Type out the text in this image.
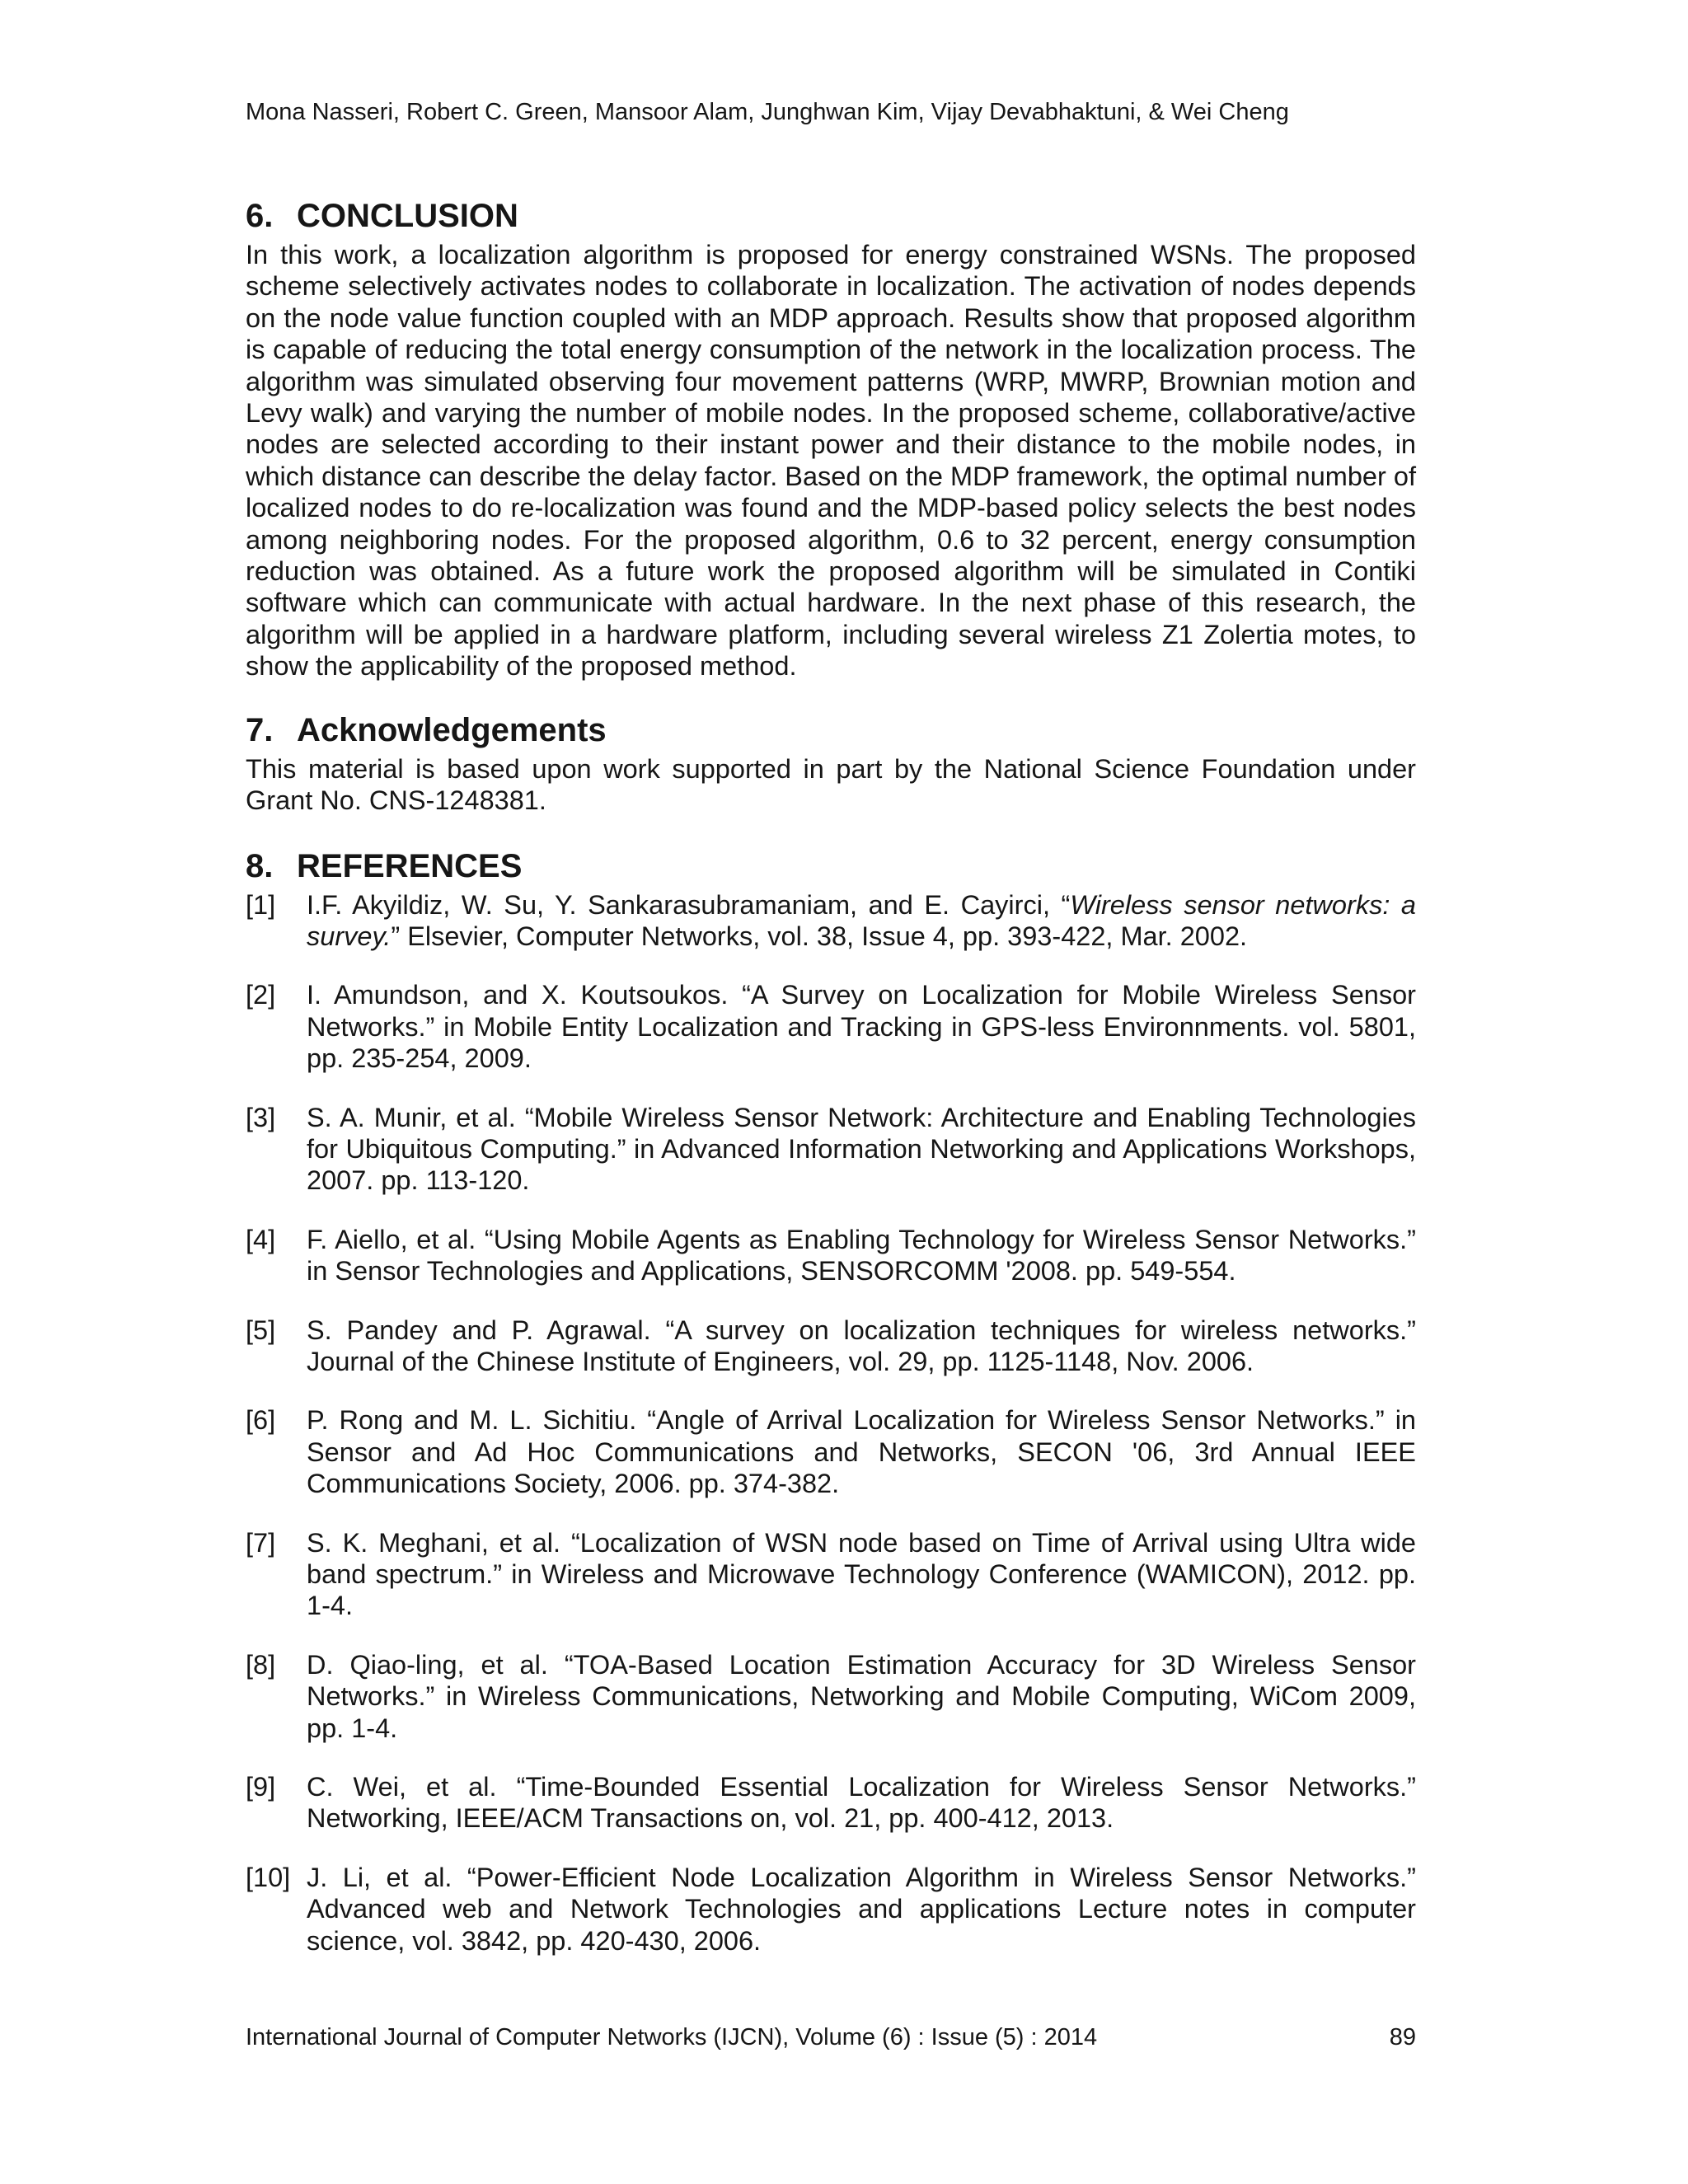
Mona Nasseri, Robert C. Green, Mansoor Alam, Junghwan Kim, Vijay Devabhaktuni, & Wei Cheng
6. CONCLUSION

In this work, a localization algorithm is proposed for energy constrained WSNs. The proposed scheme selectively activates nodes to collaborate in localization. The activation of nodes depends on the node value function coupled with an MDP approach. Results show that proposed algorithm is capable of reducing the total energy consumption of the network in the localization process. The algorithm was simulated observing four movement patterns (WRP, MWRP, Brownian motion and Levy walk) and varying the number of mobile nodes. In the proposed scheme, collaborative/active nodes are selected according to their instant power and their distance to the mobile nodes, in which distance can describe the delay factor. Based on the MDP framework, the optimal number of localized nodes to do re-localization was found and the MDP-based policy selects the best nodes among neighboring nodes. For the proposed algorithm, 0.6 to 32 percent, energy consumption reduction was obtained. As a future work the proposed algorithm will be simulated in Contiki software which can communicate with actual hardware. In the next phase of this research, the algorithm will be applied in a hardware platform, including several wireless Z1 Zolertia motes, to show the applicability of the proposed method.

7. Acknowledgements

This material is based upon work supported in part by the National Science Foundation under Grant No. CNS-1248381.

8. REFERENCES
[1]	I.F. Akyildiz, W. Su, Y. Sankarasubramaniam, and E. Cayirci, “Wireless sensor networks: a survey.” Elsevier, Computer Networks, vol. 38, Issue 4, pp. 393-422, Mar. 2002.
[2]	I. Amundson, and X. Koutsoukos. “A Survey on Localization for Mobile Wireless Sensor Networks.” in Mobile Entity Localization and Tracking in GPS-less Environnments. vol. 5801, pp. 235-254, 2009.
[3]	S. A. Munir, et al. “Mobile Wireless Sensor Network: Architecture and Enabling Technologies for Ubiquitous Computing.” in Advanced Information Networking and Applications Workshops, 2007. pp. 113-120.
[4]	F. Aiello, et al. “Using Mobile Agents as Enabling Technology for Wireless Sensor Networks.” in Sensor Technologies and Applications, SENSORCOMM '2008. pp. 549-554.
[5]	S. Pandey and P. Agrawal. “A survey on localization techniques for wireless networks.” Journal of the Chinese Institute of Engineers, vol. 29, pp. 1125-1148, Nov. 2006.
[6]	P. Rong and M. L. Sichitiu. “Angle of Arrival Localization for Wireless Sensor Networks.” in Sensor and Ad Hoc Communications and Networks, SECON '06, 3rd Annual IEEE Communications Society, 2006. pp. 374-382.
[7]	S. K. Meghani, et al. “Localization of WSN node based on Time of Arrival using Ultra wide band spectrum.” in Wireless and Microwave Technology Conference (WAMICON), 2012. pp. 1-4.
[8]	D. Qiao-ling, et al. “TOA-Based Location Estimation Accuracy for 3D Wireless Sensor Networks.” in Wireless Communications, Networking and Mobile Computing, WiCom 2009, pp. 1-4.
[9]	C. Wei, et al. “Time-Bounded Essential Localization for Wireless Sensor Networks.” Networking, IEEE/ACM Transactions on, vol. 21, pp. 400-412, 2013.
[10] J. Li, et al. “Power-Efficient Node Localization Algorithm in Wireless Sensor Networks.” Advanced web and Network Technologies and applications Lecture notes in computer science, vol. 3842, pp. 420-430, 2006.
International Journal of Computer Networks (IJCN), Volume (6) : Issue (5) : 2014	89
